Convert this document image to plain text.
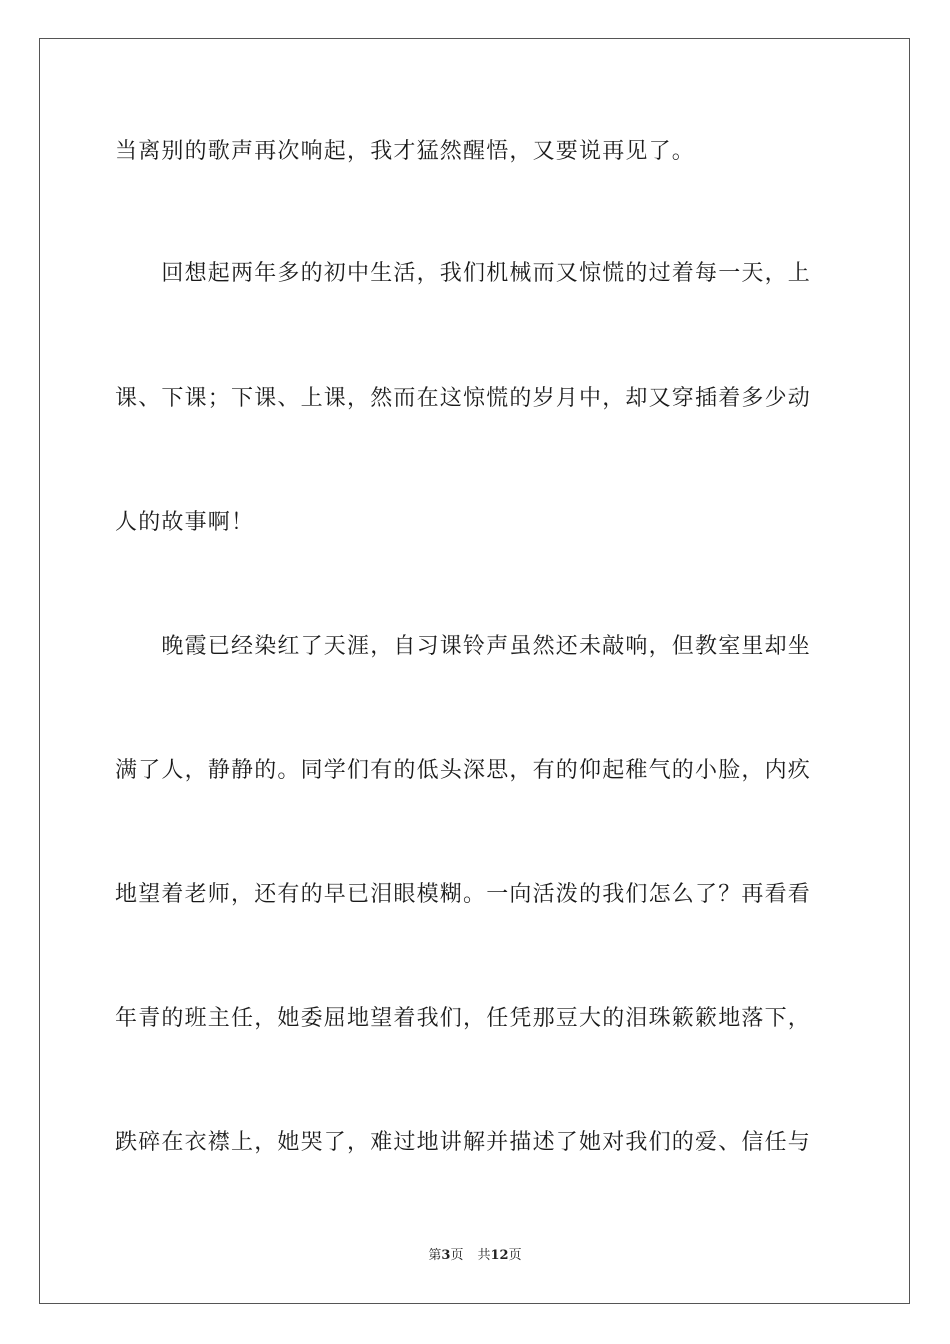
当离别的歌声再次响起，我才猛然醒悟，又要说再见了。
　　回想起两年多的初中生活，我们机械而又惊慌的过着每一天，上
课、下课；下课、上课，然而在这惊慌的岁月中，却又穿插着多少动
人的故事啊！
　　晚霞已经染红了天涯，自习课铃声虽然还未敲响，但教室里却坐
满了人，静静的。同学们有的低头深思，有的仰起稚气的小脸，内疚
地望着老师，还有的早已泪眼模糊。一向活泼的我们怎么了？再看看
年青的班主任，她委屈地望着我们，任凭那豆大的泪珠簌簌地落下，
跌碎在衣襟上，她哭了，难过地讲解并描述了她对我们的爱、信任与
第3页 共12页
